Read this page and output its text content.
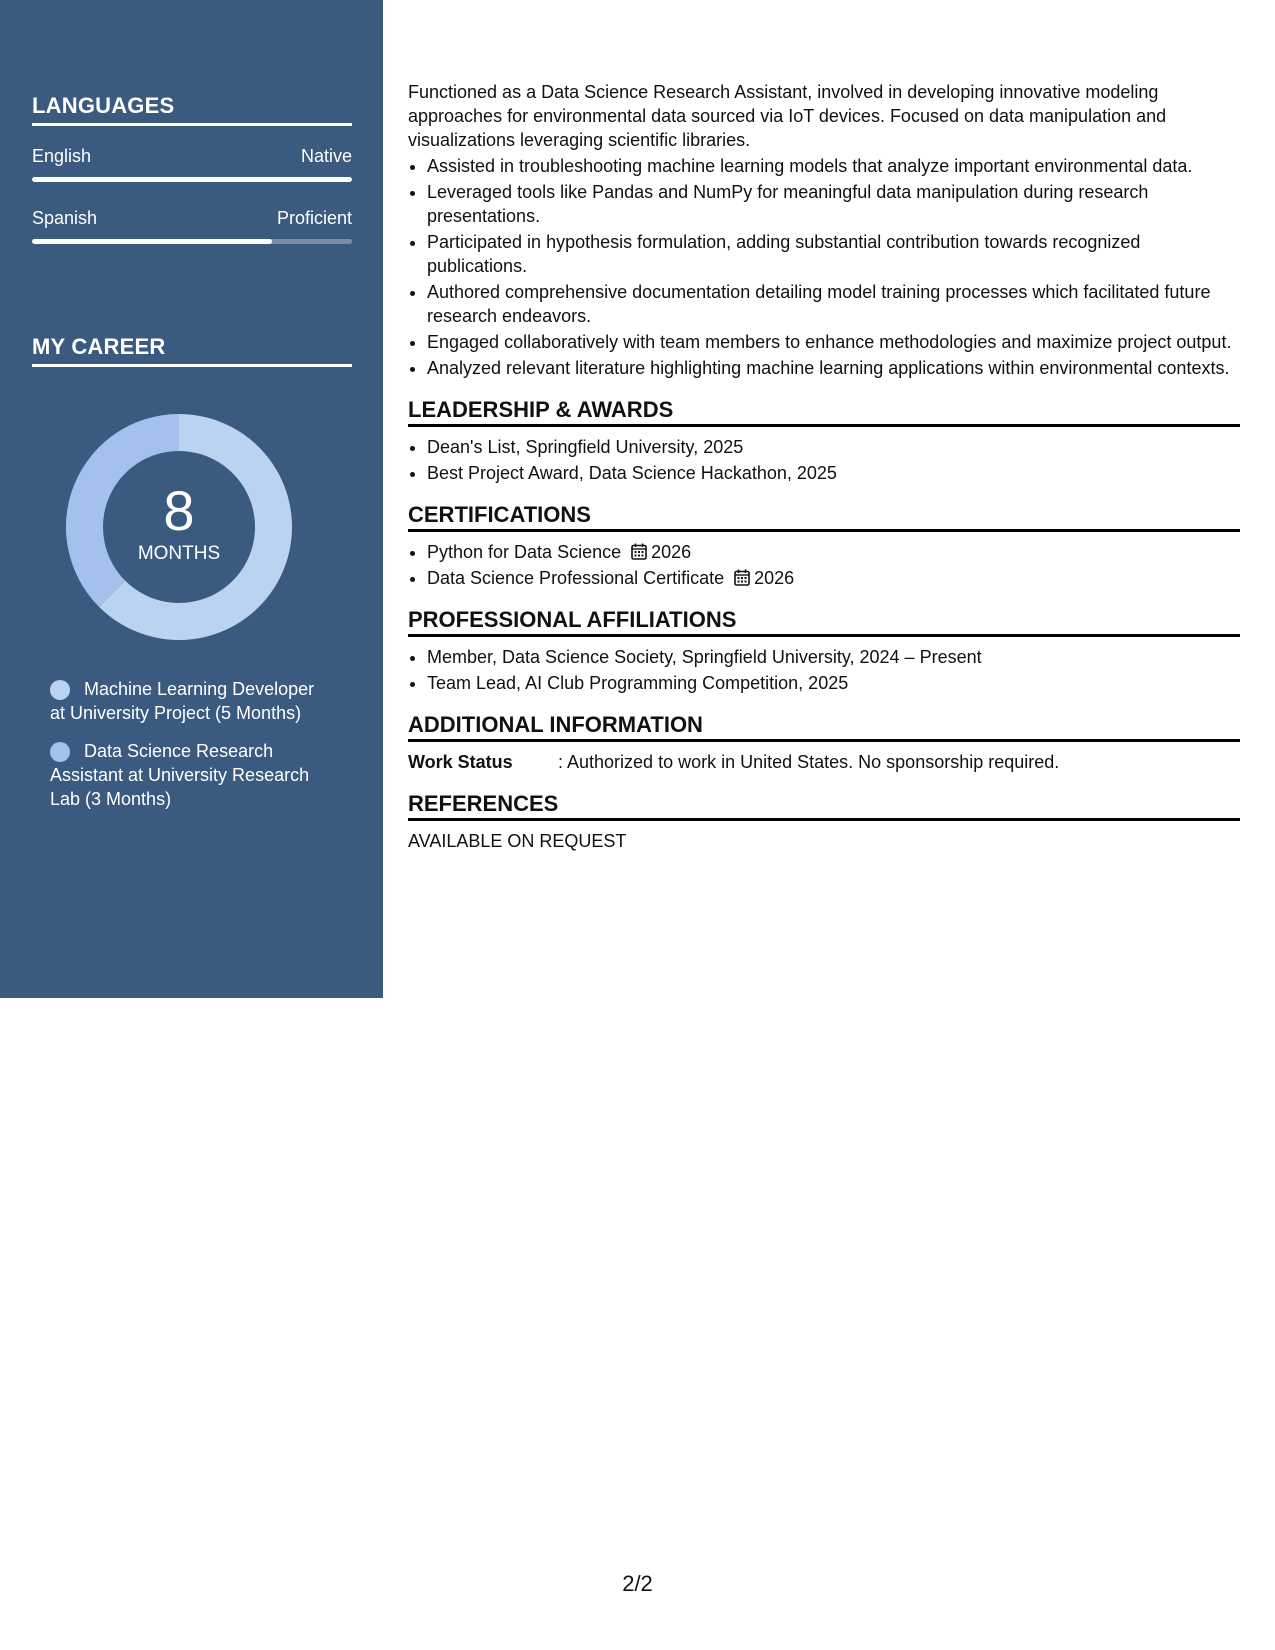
LANGUAGES
English	Native
Spanish	Proficient
MY CAREER
8
MONTHS
Machine Learning Developer at University Project (5 Months)
Data Science Research Assistant at University Research Lab (3 Months)

Functioned as a Data Science Research Assistant, involved in developing innovative modeling approaches for environmental data sourced via IoT devices. Focused on data manipulation and visualizations leveraging scientific libraries.

• Assisted in troubleshooting machine learning models that analyze important environmental data.
• Leveraged tools like Pandas and NumPy for meaningful data manipulation during research presentations.
• Participated in hypothesis formulation, adding substantial contribution towards recognized publications.
• Authored comprehensive documentation detailing model training processes which facilitated future research endeavors.
• Engaged collaboratively with team members to enhance methodologies and maximize project output.
• Analyzed relevant literature highlighting machine learning applications within environmental contexts.
LEADERSHIP & AWARDS
• Dean's List, Springfield University, 2025
• Best Project Award, Data Science Hackathon, 2025
CERTIFICATIONS
• Python for Data Science 2026
• Data Science Professional Certificate 2026
PROFESSIONAL AFFILIATIONS
• Member, Data Science Society, Springfield University, 2024 – Present
• Team Lead, AI Club Programming Competition, 2025
ADDITIONAL INFORMATION
Work Status	: Authorized to work in United States. No sponsorship required.
REFERENCES
AVAILABLE ON REQUEST
2/2
